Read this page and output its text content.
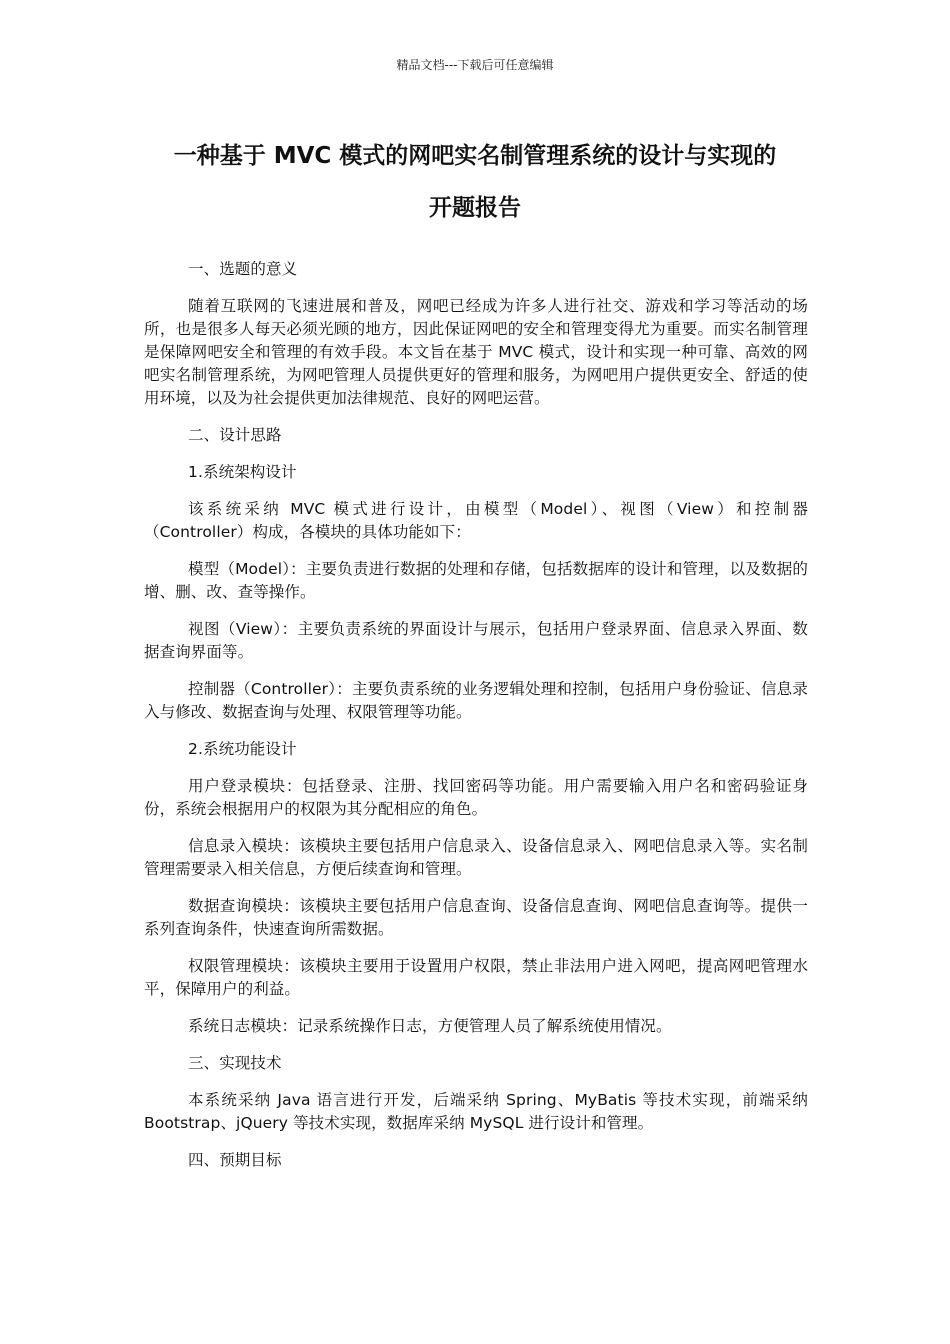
精品文档---下载后可任意编辑
一种基于 MVC 模式的网吧实名制管理系统的设计与实现的
开题报告

一、选题的意义

随着互联网的飞速进展和普及，网吧已经成为许多人进行社交、游戏和学习等活动的场所，也是很多人每天必须光顾的地方，因此保证网吧的安全和管理变得尤为重要。而实名制管理是保障网吧安全和管理的有效手段。本文旨在基于 MVC 模式，设计和实现一种可靠、高效的网吧实名制管理系统，为网吧管理人员提供更好的管理和服务，为网吧用户提供更安全、舒适的使用环境，以及为社会提供更加法律规范、良好的网吧运营。

二、设计思路

1.系统架构设计

该系统采纳 MVC 模式进行设计，由模型（Model）、视图（View）和控制器（Controller）构成，各模块的具体功能如下：

模型（Model）：主要负责进行数据的处理和存储，包括数据库的设计和管理，以及数据的增、删、改、查等操作。

视图（View）：主要负责系统的界面设计与展示，包括用户登录界面、信息录入界面、数据查询界面等。

控制器（Controller）：主要负责系统的业务逻辑处理和控制，包括用户身份验证、信息录入与修改、数据查询与处理、权限管理等功能。

2.系统功能设计

用户登录模块：包括登录、注册、找回密码等功能。用户需要输入用户名和密码验证身份，系统会根据用户的权限为其分配相应的角色。

信息录入模块：该模块主要包括用户信息录入、设备信息录入、网吧信息录入等。实名制管理需要录入相关信息，方便后续查询和管理。

数据查询模块：该模块主要包括用户信息查询、设备信息查询、网吧信息查询等。提供一系列查询条件，快速查询所需数据。

权限管理模块：该模块主要用于设置用户权限，禁止非法用户进入网吧，提高网吧管理水平，保障用户的利益。

系统日志模块：记录系统操作日志，方便管理人员了解系统使用情况。

三、实现技术

本系统采纳 Java 语言进行开发，后端采纳 Spring、MyBatis 等技术实现，前端采纳 Bootstrap、jQuery 等技术实现，数据库采纳 MySQL 进行设计和管理。

四、预期目标
